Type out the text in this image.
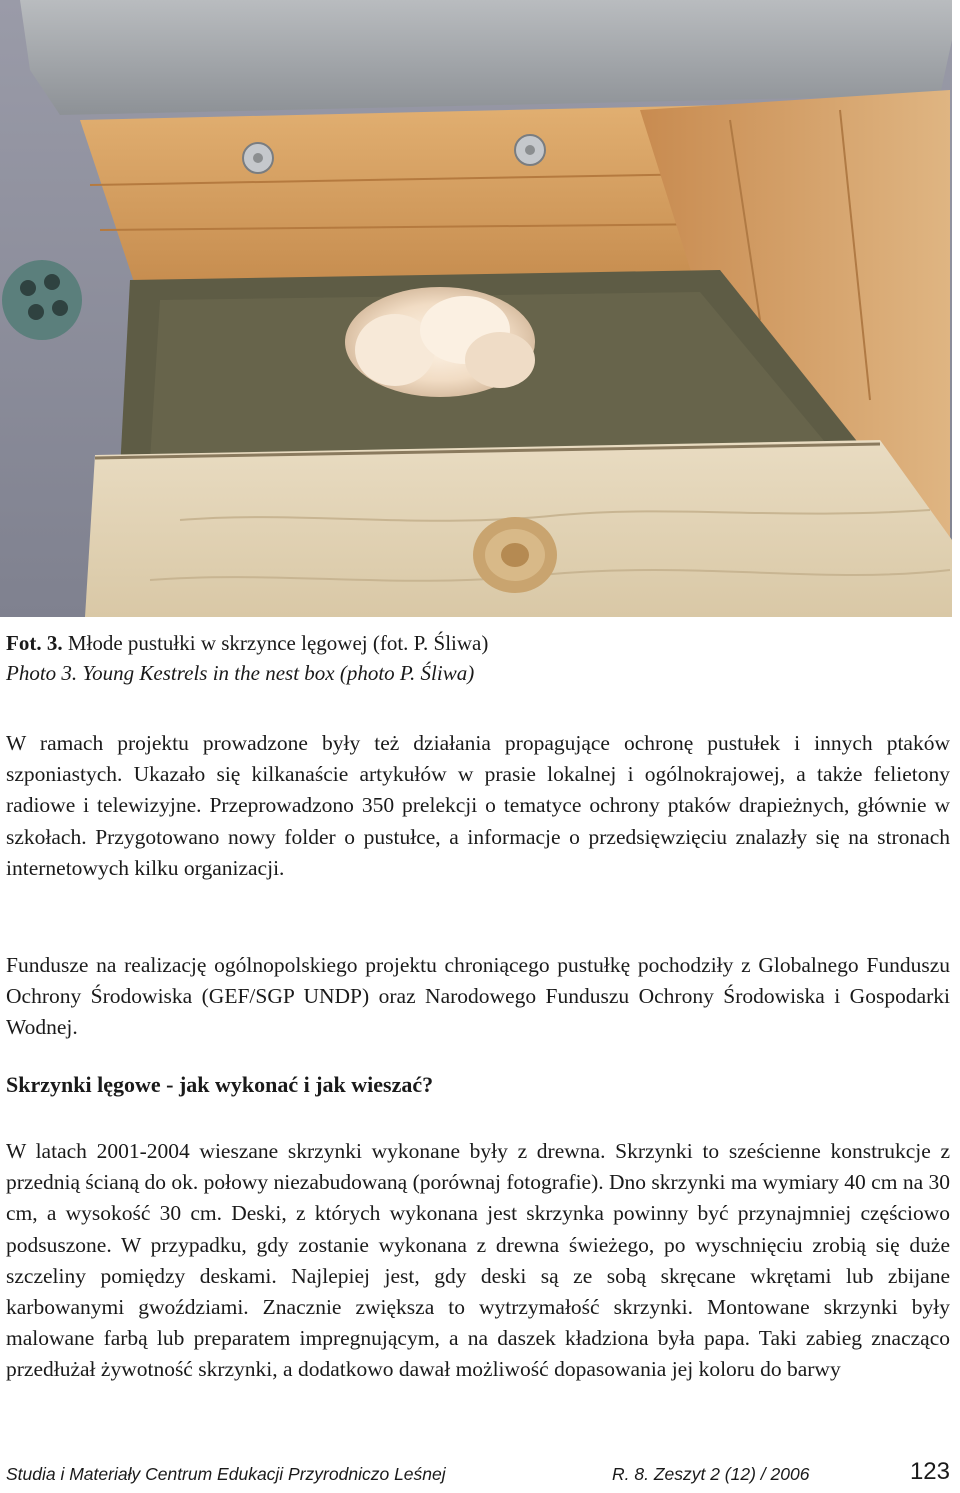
Fot. 3. Młode pustułki w skrzynce lęgowej (fot. P. Śliwa)
Photo 3. Young Kestrels in the nest box (photo P. Śliwa)
W ramach projektu prowadzone były też działania propagujące ochronę pustułek i innych ptaków szponiastych. Ukazało się kilkanaście artykułów w prasie lokalnej i ogólnokrajowej, a także felietony radiowe i telewizyjne. Przeprowadzono 350 prelekcji o tematyce ochrony ptaków drapieżnych, głównie w szkołach. Przygotowano nowy folder o pustułce, a informacje o przedsięwzięciu znalazły się na stronach internetowych kilku organizacji.
Fundusze na realizację ogólnopolskiego projektu chroniącego pustułkę pochodziły z Globalnego Funduszu Ochrony Środowiska (GEF/SGP UNDP) oraz Narodowego Funduszu Ochrony Środowiska i Gospodarki Wodnej.
Skrzynki lęgowe - jak wykonać i jak wieszać?
W latach 2001-2004 wieszane skrzynki wykonane były z drewna. Skrzynki to sześcienne konstrukcje z przednią ścianą do ok. połowy niezabudowaną (porównaj fotografie). Dno skrzynki ma wymiary 40 cm na 30 cm, a wysokość 30 cm. Deski, z których wykonana jest skrzynka powinny być przynajmniej częściowo podsuszone. W przypadku, gdy zostanie wykonana z drewna świeżego, po wyschnięciu zrobią się duże szczeliny pomiędzy deskami. Najlepiej jest, gdy deski są ze sobą skręcane wkrętami lub zbijane karbowanymi gwoździami. Znacznie zwiększa to wytrzymałość skrzynki. Montowane skrzynki były malowane farbą lub preparatem impregnującym, a na daszek kładziona była papa. Taki zabieg znacząco przedłużał żywotność skrzynki, a dodatkowo dawał możliwość dopasowania jej koloru do barwy
Studia i Materiały Centrum Edukacji Przyrodniczo Leśnej	R. 8. Zeszyt 2 (12) / 2006	123
